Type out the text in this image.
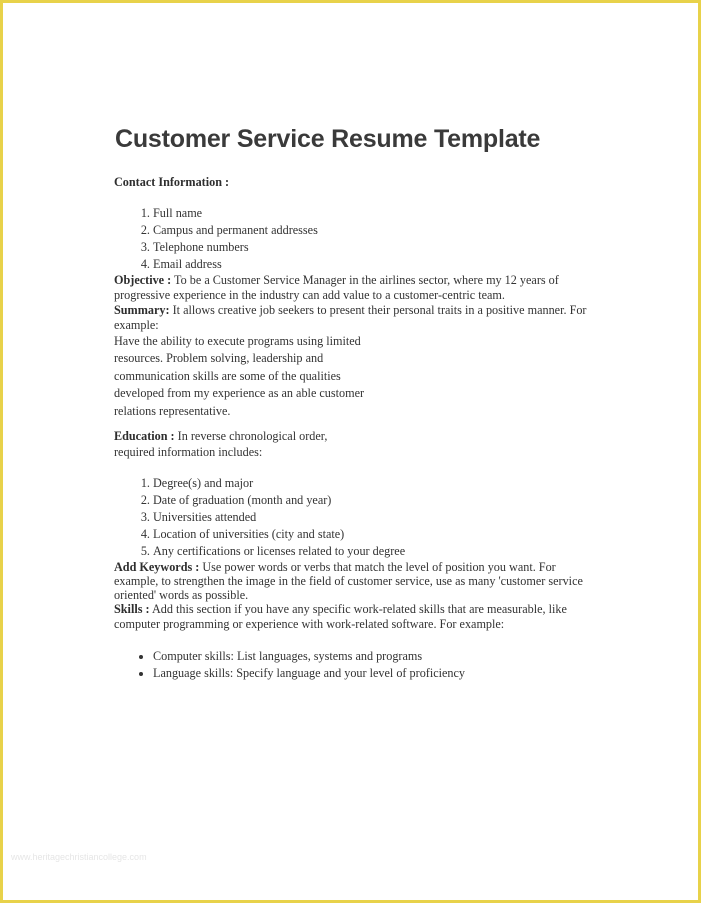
Customer Service Resume Template

Contact Information :

1. Full name
2. Campus and permanent addresses
3. Telephone numbers
4. Email address

Objective : To be a Customer Service Manager in the airlines sector, where my 12 years of progressive experience in the industry can add value to a customer-centric team.

Summary: It allows creative job seekers to present their personal traits in a positive manner. For example:

Have the ability to execute programs using limited
resources. Problem solving, leadership and
communication skills are some of the qualities
developed from my experience as an able customer
relations representative.
Education : In reverse chronological order,
required information includes:
1. Degree(s) and major
2. Date of graduation (month and year)
3. Universities attended
4. Location of universities (city and state)
5. Any certifications or licenses related to your degree

Add Keywords : Use power words or verbs that match the level of position you want. For example, to strengthen the image in the field of customer service, use as many 'customer service oriented' words as possible.

Skills : Add this section if you have any specific work-related skills that are measurable, like computer programming or experience with work-related software. For example:

• Computer skills: List languages, systems and programs
• Language skills: Specify language and your level of proficiency
www.heritagechristiancollege.com
